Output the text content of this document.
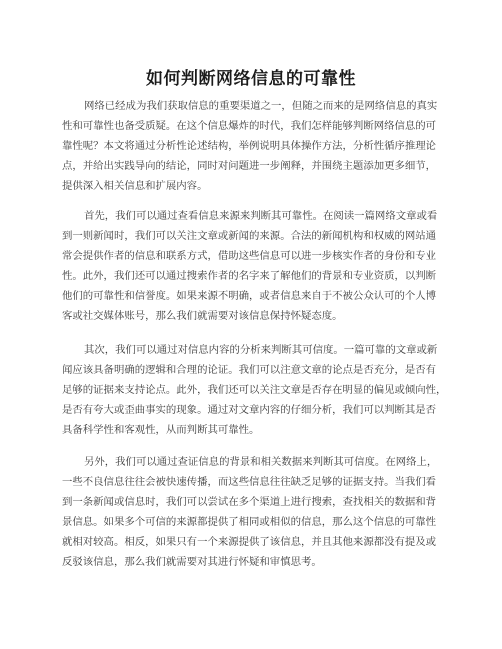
如何判断网络信息的可靠性
网络已经成为我们获取信息的重要渠道之一，但随之而来的是网络信息的真实
性和可靠性也备受质疑。在这个信息爆炸的时代，我们怎样能够判断网络信息的可
靠性呢？本文将通过分析性论述结构，举例说明具体操作方法，分析性循序推理论
点，并给出实践导向的结论，同时对问题进一步阐释，并围绕主题添加更多细节，
提供深入相关信息和扩展内容。
首先，我们可以通过查看信息来源来判断其可靠性。在阅读一篇网络文章或看
到一则新闻时，我们可以关注文章或新闻的来源。合法的新闻机构和权威的网站通
常会提供作者的信息和联系方式，借助这些信息可以进一步核实作者的身份和专业
性。此外，我们还可以通过搜索作者的名字来了解他们的背景和专业资质，以判断
他们的可靠性和信誉度。如果来源不明确，或者信息来自于不被公众认可的个人博
客或社交媒体账号，那么我们就需要对该信息保持怀疑态度。
其次，我们可以通过对信息内容的分析来判断其可信度。一篇可靠的文章或新
闻应该具备明确的逻辑和合理的论证。我们可以注意文章的论点是否充分，是否有
足够的证据来支持论点。此外，我们还可以关注文章是否存在明显的偏见或倾向性，
是否有夸大或歪曲事实的现象。通过对文章内容的仔细分析，我们可以判断其是否
具备科学性和客观性，从而判断其可靠性。
另外，我们可以通过查证信息的背景和相关数据来判断其可信度。在网络上，
一些不良信息往往会被快速传播，而这些信息往往缺乏足够的证据支持。当我们看
到一条新闻或信息时，我们可以尝试在多个渠道上进行搜索，查找相关的数据和背
景信息。如果多个可信的来源都提供了相同或相似的信息，那么这个信息的可靠性
就相对较高。相反，如果只有一个来源提供了该信息，并且其他来源都没有提及或
反驳该信息，那么我们就需要对其进行怀疑和审慎思考。
